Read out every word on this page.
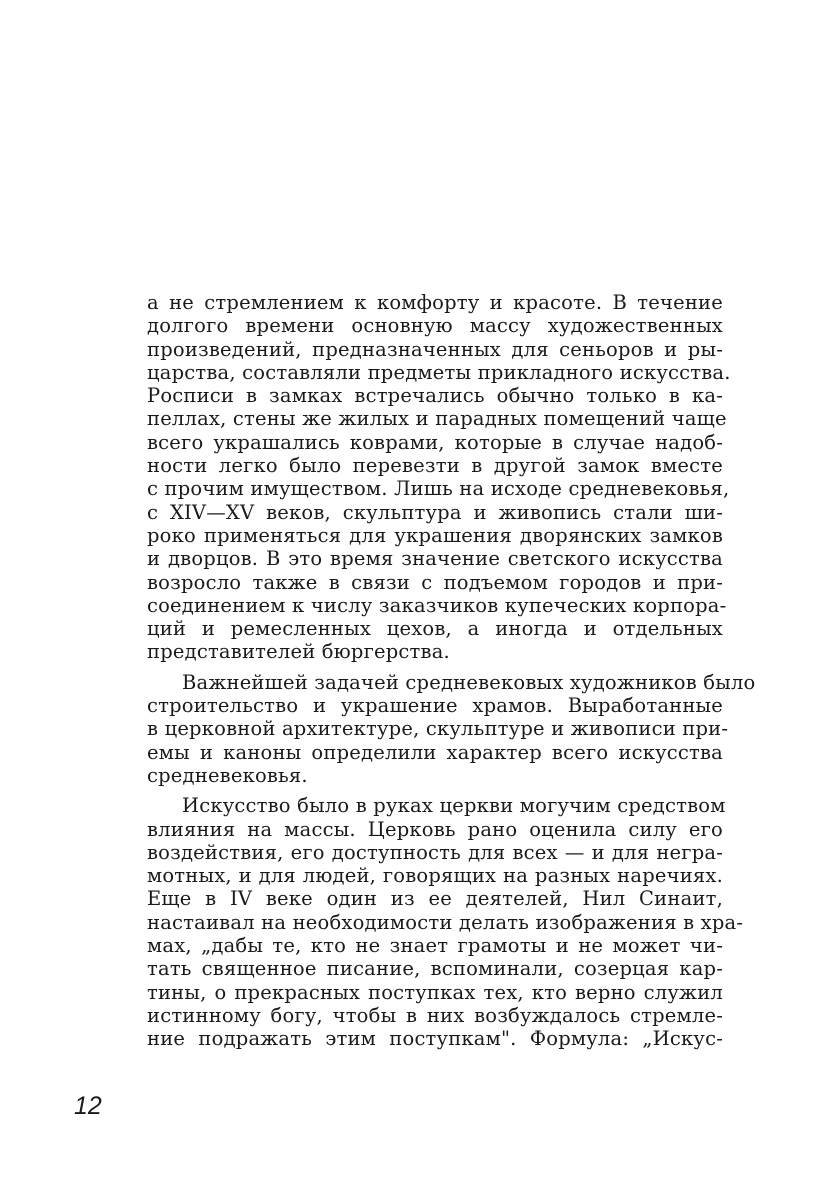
а не стремлением к комфорту и красоте. В течение
долгого времени основную массу художественных
произведений, предназначенных для сеньоров и ры-
царства, составляли предметы прикладного искусства.
Росписи в замках встречались обычно только в ка-
пеллах, стены же жилых и парадных помещений чаще
всего украшались коврами, которые в случае надоб-
ности легко было перевезти в другой замок вместе
с прочим имуществом. Лишь на исходе средневековья,
с XIV—XV веков, скульптура и живопись стали ши-
роко применяться для украшения дворянских замков
и дворцов. В это время значение светского искусства
возросло также в связи с подъемом городов и при-
соединением к числу заказчиков купеческих корпора-
ций и ремесленных цехов, а иногда и отдельных
представителей бюргерства.
Важнейшей задачей средневековых художников было
строительство и украшение храмов. Выработанные
в церковной архитектуре, скульптуре и живописи при-
емы и каноны определили характер всего искусства
средневековья.
Искусство было в руках церкви могучим средством
влияния на массы. Церковь рано оценила силу его
воздействия, его доступность для всех — и для негра-
мотных, и для людей, говорящих на разных наречиях.
Еще в IV веке один из ее деятелей, Нил Синаит,
настаивал на необходимости делать изображения в хра-
мах, „дабы те, кто не знает грамоты и не может чи-
тать священное писание, вспоминали, созерцая кар-
тины, о прекрасных поступках тех, кто верно служил
истинному богу, чтобы в них возбуждалось стремле-
ние подражать этим поступкам". Формула: „Искус-
12
